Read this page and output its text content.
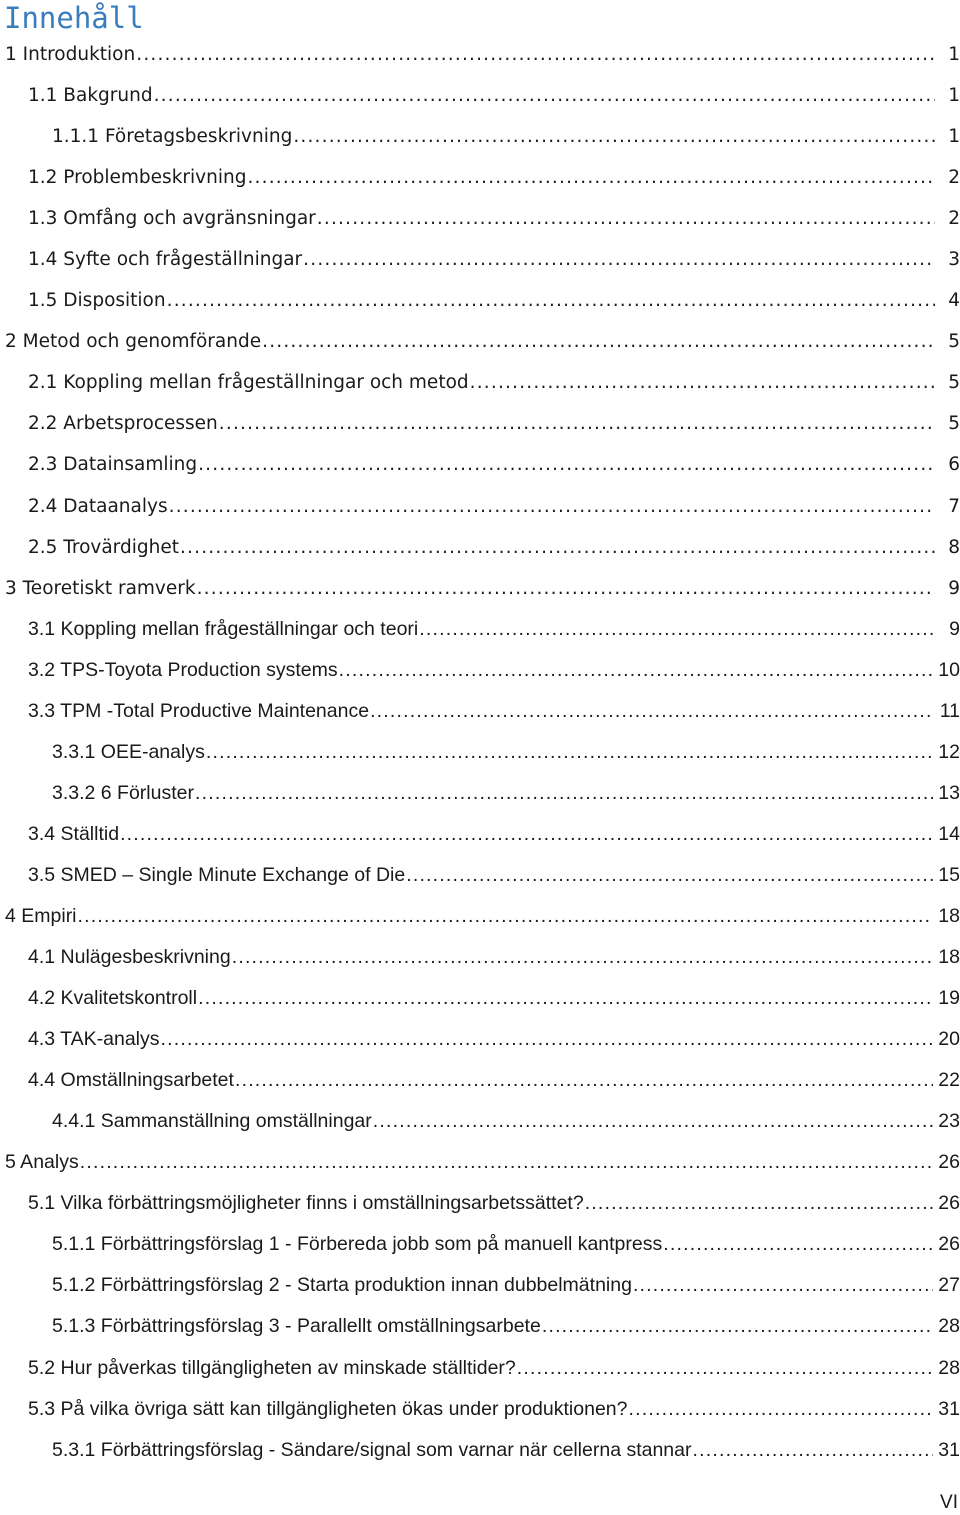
Innehåll
1 Introduktion .....	1
1.1 Bakgrund .....	1
1.1.1 Företagsbeskrivning .....	1
1.2 Problembeskrivning .....	2
1.3 Omfång och avgränsningar .....	2
1.4 Syfte och frågeställningar .....	3
1.5 Disposition .....	4
2 Metod och genomförande .....	5
2.1 Koppling mellan frågeställningar och metod .....	5
2.2 Arbetsprocessen .....	5
2.3 Datainsamling .....	6
2.4 Dataanalys .....	7
2.5 Trovärdighet .....	8
3 Teoretiskt ramverk .....	9
3.1 Koppling mellan frågeställningar och teori .....	9
3.2 TPS-Toyota Production systems .....	10
3.3 TPM -Total Productive Maintenance .....	11
3.3.1 OEE-analys .....	12
3.3.2 6 Förluster .....	13
3.4 Ställtid .....	14
3.5 SMED – Single Minute Exchange of Die .....	15
4 Empiri .....	18
4.1 Nulägesbeskrivning .....	18
4.2 Kvalitetskontroll .....	19
4.3 TAK-analys .....	20
4.4 Omställningsarbetet .....	22
4.4.1 Sammanställning omställningar .....	23
5 Analys .....	26
5.1 Vilka förbättringsmöjligheter finns i omställningsarbetssättet? .....	26
5.1.1 Förbättringsförslag 1 - Förbereda jobb som på manuell kantpress .....	26
5.1.2 Förbättringsförslag 2 - Starta produktion innan dubbelmätning .....	27
5.1.3 Förbättringsförslag 3 - Parallellt omställningsarbete .....	28
5.2 Hur påverkas tillgängligheten av minskade ställtider? .....	28
5.3 På vilka övriga sätt kan tillgängligheten ökas under produktionen? .....	31
5.3.1 Förbättringsförslag - Sändare/signal som varnar när cellerna stannar .....	31

VI
